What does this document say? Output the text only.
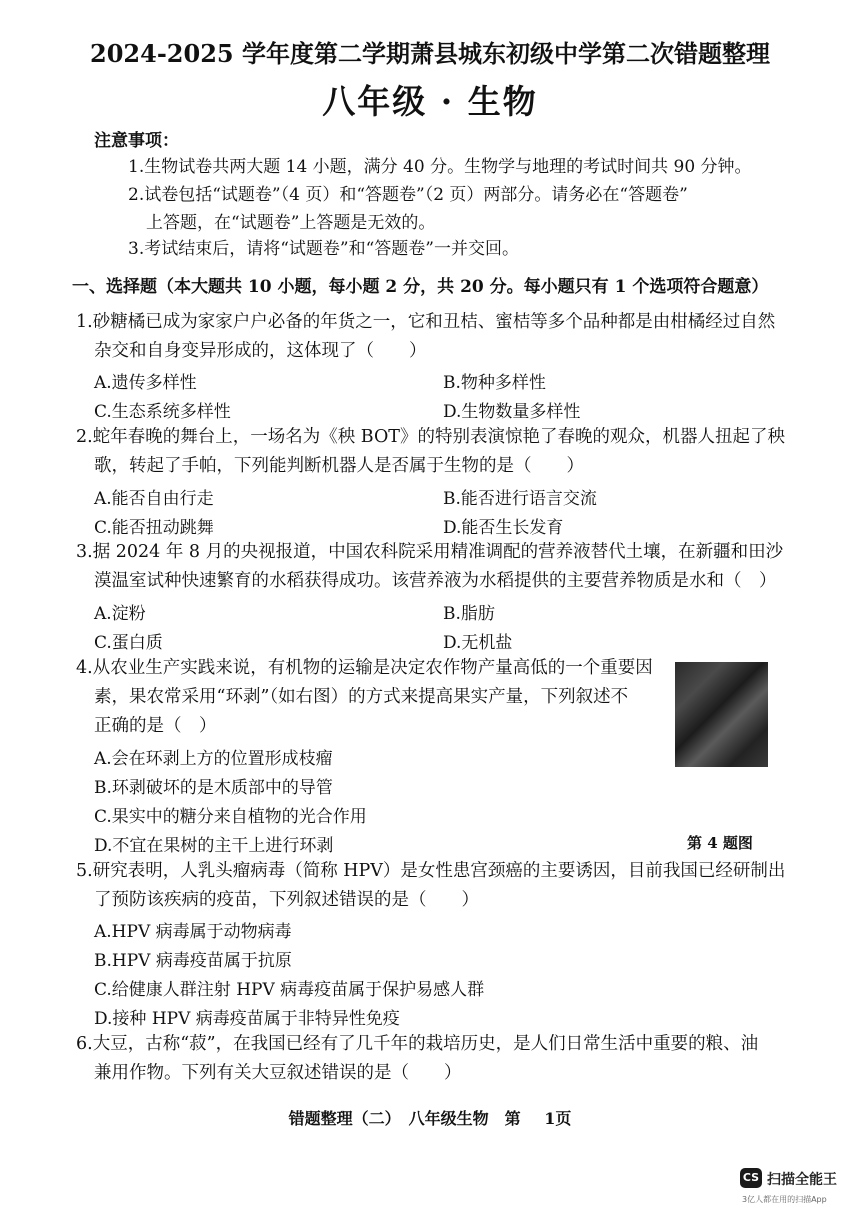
2024-2025 学年度第二学期萧县城东初级中学第二次错题整理
八年级 · 生物
注意事项：
1.生物试卷共两大题 14 小题，满分 40 分。生物学与地理的考试时间共 90 分钟。
2.试卷包括“试题卷”（4 页）和“答题卷”（2 页）两部分。请务必在“答题卷”
上答题，在“试题卷”上答题是无效的。
3.考试结束后，请将“试题卷”和“答题卷”一并交回。
一、选择题（本大题共 10 小题，每小题 2 分，共 20 分。每小题只有 1 个选项符合题意）
1.砂糖橘已成为家家户户必备的年货之一，它和丑桔、蜜桔等多个品种都是由柑橘经过自然
杂交和自身变异形成的，这体现了（　　）
A.遗传多样性	B.物种多样性
C.生态系统多样性	D.生物数量多样性
2.蛇年春晚的舞台上，一场名为《秧 BOT》的特别表演惊艳了春晚的观众，机器人扭起了秧
歌，转起了手帕，下列能判断机器人是否属于生物的是（　　）
A.能否自由行走	B.能否进行语言交流
C.能否扭动跳舞	D.能否生长发育
3.据 2024 年 8 月的央视报道，中国农科院采用精准调配的营养液替代土壤，在新疆和田沙
漠温室试种快速繁育的水稻获得成功。该营养液为水稻提供的主要营养物质是水和（　）
A.淀粉	B.脂肪
C.蛋白质	D.无机盐
4.从农业生产实践来说，有机物的运输是决定农作物产量高低的一个重要因
素，果农常采用“环剥”（如右图）的方式来提高果实产量，下列叙述不
正确的是（　）
A.会在环剥上方的位置形成枝瘤
B.环剥破坏的是木质部中的导管
C.果实中的糖分来自植物的光合作用
D.不宜在果树的主干上进行环剥	第 4 题图
5.研究表明，人乳头瘤病毒（简称 HPV）是女性患宫颈癌的主要诱因，目前我国已经研制出
了预防该疾病的疫苗，下列叙述错误的是（　　）
A.HPV 病毒属于动物病毒
B.HPV 病毒疫苗属于抗原
C.给健康人群注射 HPV 病毒疫苗属于保护易感人群
D.接种 HPV 病毒疫苗属于非特异性免疫
6.大豆，古称“菽”，在我国已经有了几千年的栽培历史，是人们日常生活中重要的粮、油
兼用作物。下列有关大豆叙述错误的是（　　）
错题整理（二）　八年级生物　第 1页
CS 扫描全能王
3亿人都在用的扫描App
